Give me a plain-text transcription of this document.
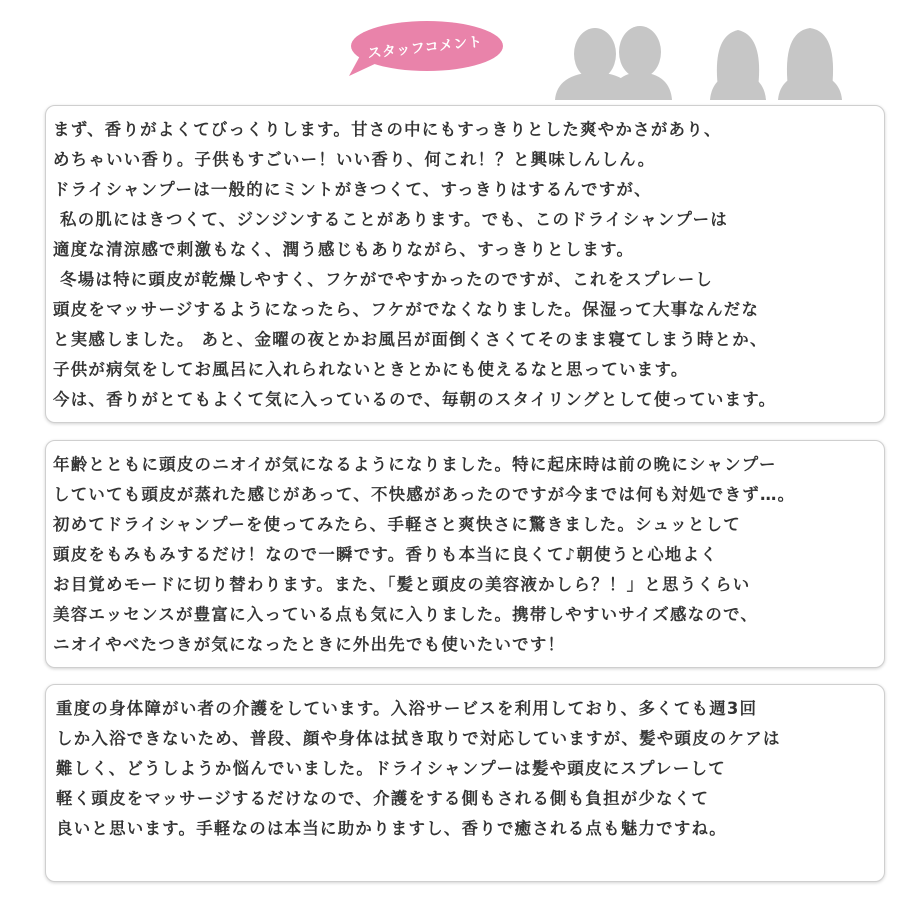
スタッフコメント
まず、香りがよくてびっくりします。甘さの中にもすっきりとした爽やかさがあり、
めちゃいい香り。子供もすごいー！いい香り、何これ！？と興味しんしん。
ドライシャンプーは一般的にミントがきつくて、すっきりはするんですが、
私の肌にはきつくて、ジンジンすることがあります。でも、このドライシャンプーは
適度な清涼感で刺激もなく、潤う感じもありながら、すっきりとします。
冬場は特に頭皮が乾燥しやすく、フケがでやすかったのですが、これをスプレーし
頭皮をマッサージするようになったら、フケがでなくなりました。保湿って大事なんだな
と実感しました。 あと、金曜の夜とかお風呂が面倒くさくてそのまま寝てしまう時とか、
子供が病気をしてお風呂に入れられないときとかにも使えるなと思っています。
今は、香りがとてもよくて気に入っているので、毎朝のスタイリングとして使っています。
年齢とともに頭皮のニオイが気になるようになりました。特に起床時は前の晩にシャンプー
していても頭皮が蒸れた感じがあって、不快感があったのですが今までは何も対処できず…。
初めてドライシャンプーを使ってみたら、手軽さと爽快さに驚きました。シュッとして
頭皮をもみもみするだけ！なので一瞬です。香りも本当に良くて♪朝使うと心地よく
お目覚めモードに切り替わります。また、「髪と頭皮の美容液かしら？！」と思うくらい
美容エッセンスが豊富に入っている点も気に入りました。携帯しやすいサイズ感なので、
ニオイやべたつきが気になったときに外出先でも使いたいです！
重度の身体障がい者の介護をしています。入浴サービスを利用しており、多くても週3回
しか入浴できないため、普段、顔や身体は拭き取りで対応していますが、髪や頭皮のケアは
難しく、どうしようか悩んでいました。ドライシャンプーは髪や頭皮にスプレーして
軽く頭皮をマッサージするだけなので、介護をする側もされる側も負担が少なくて
良いと思います。手軽なのは本当に助かりますし、香りで癒される点も魅力ですね。
